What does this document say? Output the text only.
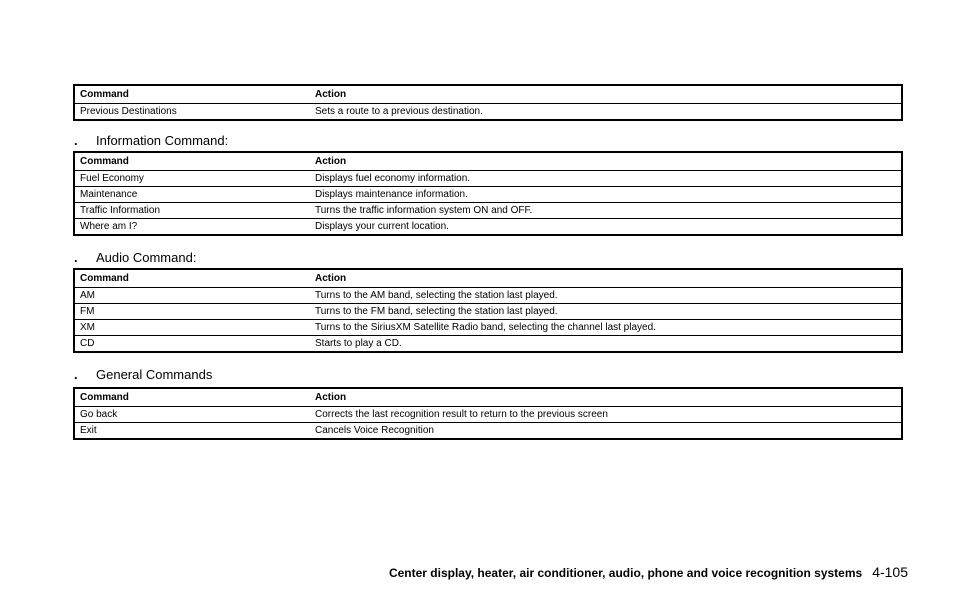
Command	Action
Previous Destinations	Sets a route to a previous destination.
. Information Command:
Command	Action
Fuel Economy	Displays fuel economy information.
Maintenance	Displays maintenance information.
Traffic Information	Turns the traffic information system ON and OFF.
Where am I?	Displays your current location.
. Audio Command:
Command	Action
AM	Turns to the AM band, selecting the station last played.
FM	Turns to the FM band, selecting the station last played.
XM	Turns to the SiriusXM Satellite Radio band, selecting the channel last played.
CD	Starts to play a CD.
. General Commands
Command	Action
Go back	Corrects the last recognition result to return to the previous screen
Exit	Cancels Voice Recognition
Center display, heater, air conditioner, audio, phone and voice recognition systems 4-105
